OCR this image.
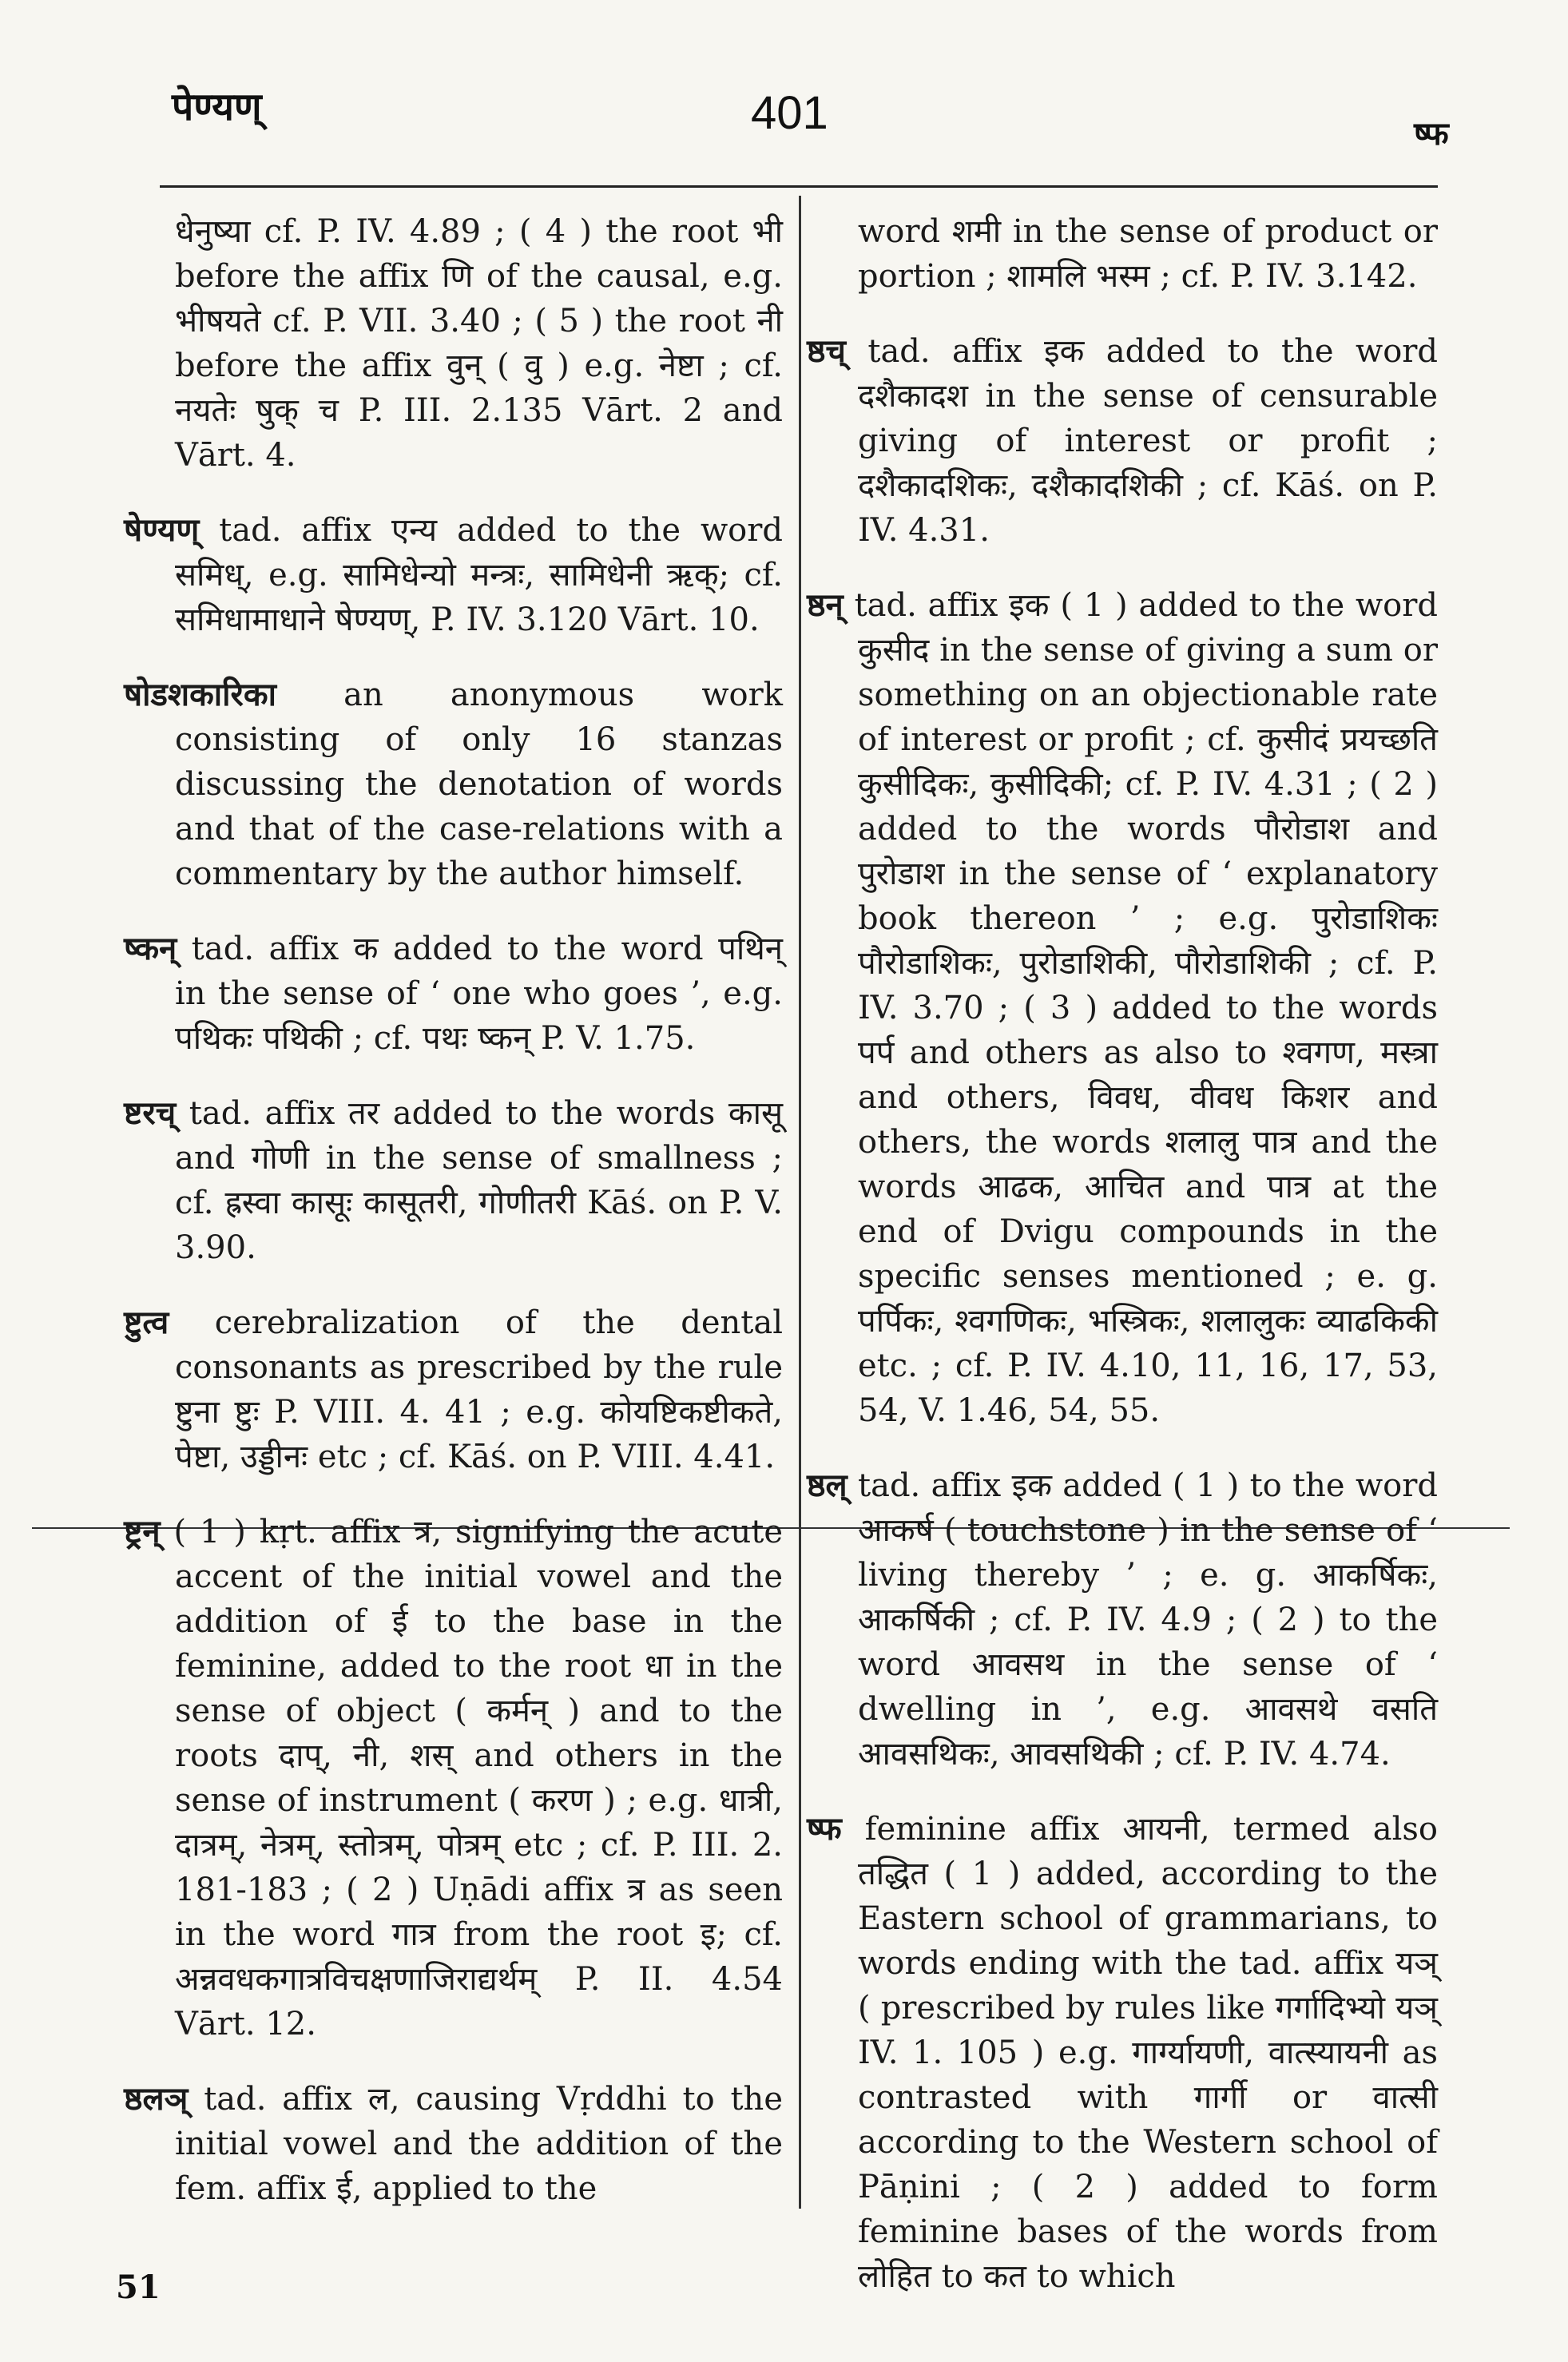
पेण्यण्	401	ष्फ

धेनुष्या cf. P. IV. 4.89 ; ( 4 ) the root भी before the affix णि of the causal, e.g. भीषयते cf. P. VII. 3.40 ; ( 5 ) the root नी before the affix वुन् ( वु ) e.g. नेष्टा ; cf. नयतेः षुक् च P. III. 2.135 Vārt. 2 and Vārt. 4.

षेण्यण् tad. affix एन्य added to the word समिध्, e.g. सामिधेन्यो मन्त्रः, सामिधेनी ऋक्; cf. समिधामाधाने षेण्यण्, P. IV. 3.120 Vārt. 10.

षोडशकारिका an anonymous work consisting of only 16 stanzas discussing the denotation of words and that of the case-relations with a commentary by the author himself.

ष्कन् tad. affix क added to the word पथिन् in the sense of ‘ one who goes ’, e.g. पथिकः पथिकी ; cf. पथः ष्कन् P. V. 1.75.

ष्टरच् tad. affix तर added to the words कासू and गोणी in the sense of smallness ; cf. ह्रस्वा कासूः कासूतरी, गोणीतरी Kāś. on P. V. 3.90.

ष्टुत्व cerebralization of the dental consonants as prescribed by the rule ष्टुना ष्टुः P. VIII. 4. 41 ; e.g. कोयष्टिकष्टीकते, पेष्टा, उड्डीनः etc ; cf. Kāś. on P. VIII. 4.41.

ष्ट्रन् ( 1 ) kṛt. affix त्र, signifying the acute accent of the initial vowel and the addition of ई to the base in the feminine, added to the root धा in the sense of object ( कर्मन् ) and to the roots दाप्, नी, शस् and others in the sense of instrument ( करण ) ; e.g. धात्री, दात्रम्, नेत्रम्, स्तोत्रम्, पोत्रम् etc ; cf. P. III. 2. 181-183 ; ( 2 ) Uṇādi affix त्र as seen in the word गात्र from the root इ; cf. अन्नवधकगात्रविचक्षणाजिराद्यर्थम् P. II. 4.54 Vārt. 12.

ष्ठलञ् tad. affix ल, causing Vṛddhi to the initial vowel and the addition of the fem. affix ई, applied to the

word शमी in the sense of product or portion ; शामलि भस्म ; cf. P. IV. 3.142.

ष्ठच् tad. affix इक added to the word दशैकादश in the sense of censurable giving of interest or profit ; दशैकादशिकः, दशैकादशिकी ; cf. Kāś. on P. IV. 4.31.

ष्ठन् tad. affix इक ( 1 ) added to the word कुसीद in the sense of giving a sum or something on an objectionable rate of interest or profit ; cf. कुसीदं प्रयच्छति कुसीदिकः, कुसीदिकी; cf. P. IV. 4.31 ; ( 2 ) added to the words पौरोडाश and पुरोडाश in the sense of ‘ explanatory book thereon ’ ; e.g. पुरोडाशिकः पौरोडाशिकः, पुरोडाशिकी, पौरोडाशिकी ; cf. P. IV. 3.70 ; ( 3 ) added to the words पर्प and others as also to श्वगण, मस्त्रा and others, विवध, वीवध किशर and others, the words शलालु पात्र and the words आढक, आचित and पात्र at the end of Dvigu compounds in the specific senses mentioned ; e. g. पर्पिकः, श्वगणिकः, भस्त्रिकः, शलालुकः व्याढकिकी etc. ; cf. P. IV. 4.10, 11, 16, 17, 53, 54, V. 1.46, 54, 55.

ष्ठल् tad. affix इक added ( 1 ) to the word आकर्ष ( touchstone ) in the sense of ‘ living thereby ’ ; e. g. आकर्षिकः, आकर्षिकी ; cf. P. IV. 4.9 ; ( 2 ) to the word आवसथ in the sense of ‘ dwelling in ’, e.g. आवसथे वसति आवसथिकः, आवसथिकी ; cf. P. IV. 4.74.

ष्फ feminine affix आयनी, termed also तद्धित ( 1 ) added, according to the Eastern school of grammarians, to words ending with the tad. affix यञ् ( prescribed by rules like गर्गादिभ्यो यञ् IV. 1. 105 ) e.g. गार्ग्यायणी, वात्स्यायनी as contrasted with गार्गी or वात्सी according to the Western school of Pāṇini ; ( 2 ) added to form feminine bases of the words from लोहित to कत to which

51
